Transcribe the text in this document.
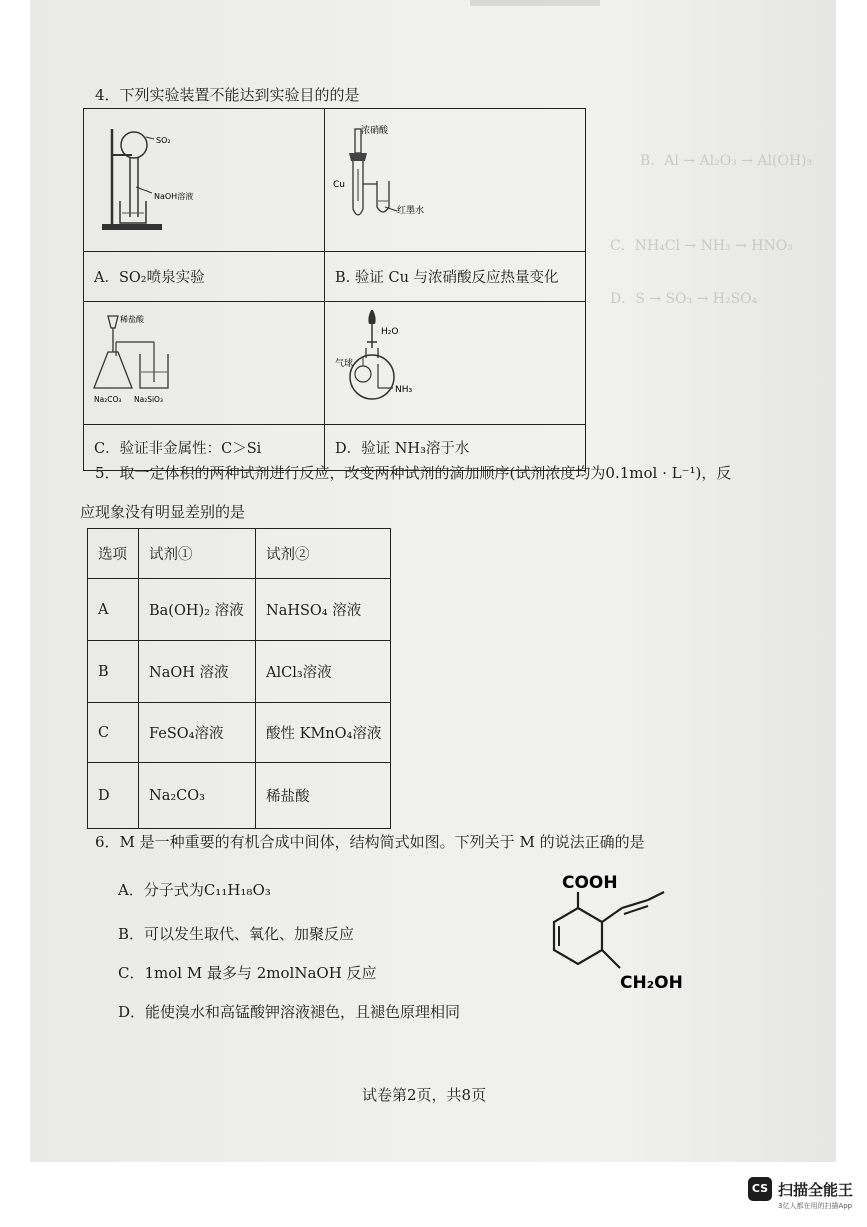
B．Al → Al₂O₃ → Al(OH)₃
C．NH₄Cl → NH₃ → HNO₃
D．S → SO₃ → H₂SO₄
4．下列实验装置不能达到实验目的的是
SO₂
NaOH溶液	浓硝酸
Cu
红墨水

A．SO₂喷泉实验	B. 验证 Cu 与浓硝酸反应热量变化

稀盐酸
Na₂CO₃ Na₂SiO₃	H₂O
气球
NH₃

C．验证非金属性：C＞Si	D．验证 NH₃溶于水
5．取一定体积的两种试剂进行反应，改变两种试剂的滴加顺序(试剂浓度均为0.1mol · L⁻¹)，反
应现象没有明显差别的是
选项	试剂①	试剂②
A	Ba(OH)₂ 溶液	NaHSO₄ 溶液
B	NaOH 溶液	AlCl₃溶液
C	FeSO₄溶液	酸性 KMnO₄溶液
D	Na₂CO₃	稀盐酸
6．M 是一种重要的有机合成中间体，结构简式如图。下列关于 M 的说法正确的是
A．分子式为C₁₁H₁₈O₃
B．可以发生取代、氧化、加聚反应
C．1mol M 最多与 2molNaOH 反应
D．能使溴水和高锰酸钾溶液褪色，且褪色原理相同
COOH
CH₂OH
试卷第2页，共8页
CS 扫描全能王
3亿人都在用的扫描App
